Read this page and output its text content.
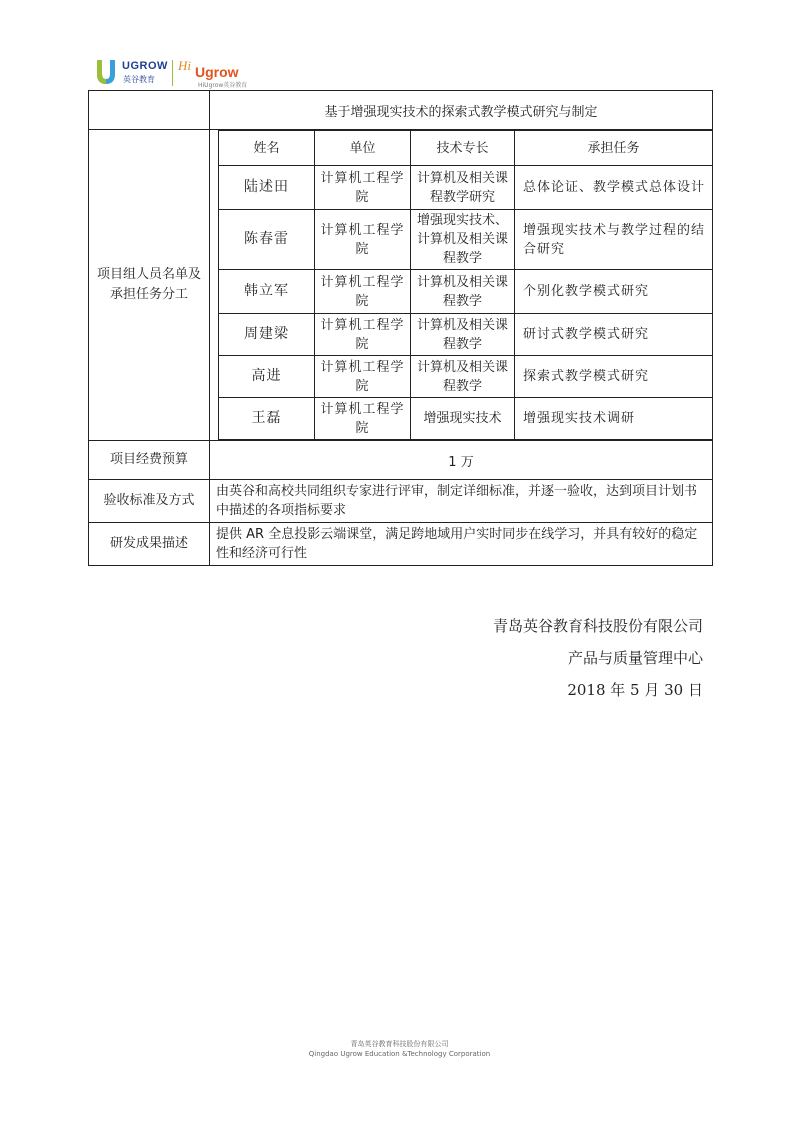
UGROW
英谷教育
Hi Ugrow
HiUgrow英谷教育
	基于增强现实技术的探索式教学模式研究与制定
项目组人员名单及承担任务分工	
姓名	单位	技术专长	承担任务
陆述田	计算机工程学院	计算机及相关课程教学研究	总体论证、教学模式总体设计
陈春雷	计算机工程学院	增强现实技术、计算机及相关课程教学	增强现实技术与教学过程的结合研究
韩立军	计算机工程学院	计算机及相关课程教学	个别化教学模式研究
周建梁	计算机工程学院	计算机及相关课程教学	研讨式教学模式研究
高进	计算机工程学院	计算机及相关课程教学	探索式教学模式研究
王磊	计算机工程学院	增强现实技术	增强现实技术调研

项目经费预算	1 万
验收标准及方式	由英谷和高校共同组织专家进行评审，制定详细标准，并逐一验收，达到项目计划书中描述的各项指标要求
研发成果描述	提供 AR 全息投影云端课堂，满足跨地域用户实时同步在线学习，并具有较好的稳定性和经济可行性
青岛英谷教育科技股份有限公司
产品与质量管理中心
2018 年 5 月 30 日
青岛英谷教育科技股份有限公司
Qingdao Ugrow Education &Technology Corporation
